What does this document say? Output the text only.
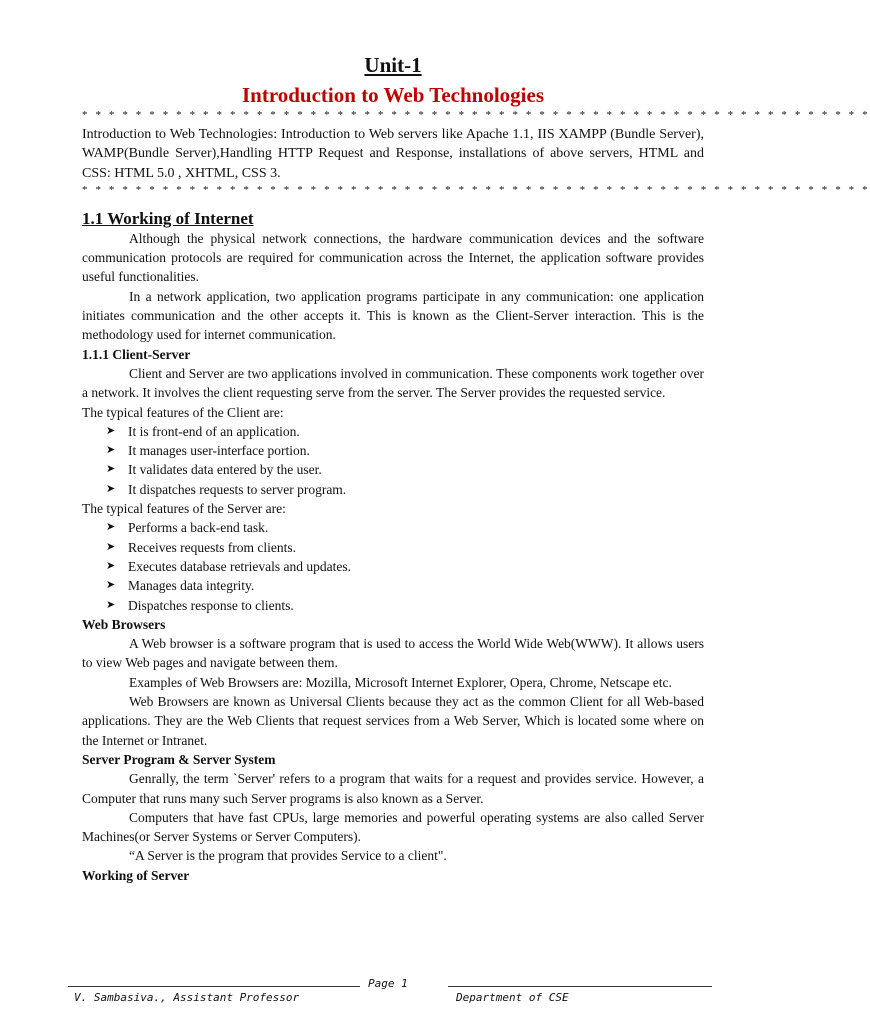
Unit-1
Introduction to Web Technologies
* * * * * * * * * * * * * * * * * * * * * * * * * * * * * * * * * * * * * * * * * * * * * * * * * * * * * * * * * * *

Introduction to Web Technologies: Introduction to Web servers like Apache 1.1, IIS XAMPP (Bundle Server), WAMP(Bundle Server),Handling HTTP Request and Response, installations of above servers, HTML and CSS: HTML 5.0 , XHTML, CSS 3.

* * * * * * * * * * * * * * * * * * * * * * * * * * * * * * * * * * * * * * * * * * * * * * * * * * * * * * * * * * *
1.1 Working of Internet

Although the physical network connections, the hardware communication devices and the software communication protocols are required for communication across the Internet, the application software provides useful functionalities.

In a network application, two application programs participate in any communication: one application initiates communication and the other accepts it. This is known as the Client-Server interaction. This is the methodology used for internet communication.

1.1.1 Client-Server

Client and Server are two applications involved in communication. These components work together over a network. It involves the client requesting serve from the server. The Server provides the requested service.

The typical features of the Client are:

➤ It is front-end of an application.
➤ It manages user-interface portion.
➤ It validates data entered by the user.
➤ It dispatches requests to server program.

The typical features of the Server are:

➤ Performs a back-end task.
➤ Receives requests from clients.
➤ Executes database retrievals and updates.
➤ Manages data integrity.
➤ Dispatches response to clients.
Web Browsers

A Web browser is a software program that is used to access the World Wide Web(WWW). It allows users to view Web pages and navigate between them.

Examples of Web Browsers are: Mozilla, Microsoft Internet Explorer, Opera, Chrome, Netscape etc.

Web Browsers are known as Universal Clients because they act as the common Client for all Web-based applications. They are the Web Clients that request services from a Web Server, Which is located some where on the Internet or Intranet.

Server Program & Server System

Genrally, the term `Server' refers to a program that waits for a request and provides service. However, a Computer that runs many such Server programs is also known as a Server.

Computers that have fast CPUs, large memories and powerful operating systems are also called Server Machines(or Server Systems or Server Computers).

“A Server is the program that provides Service to a client".

Working of Server
Page 1
V. Sambasiva., Assistant Professor	Department of CSE
